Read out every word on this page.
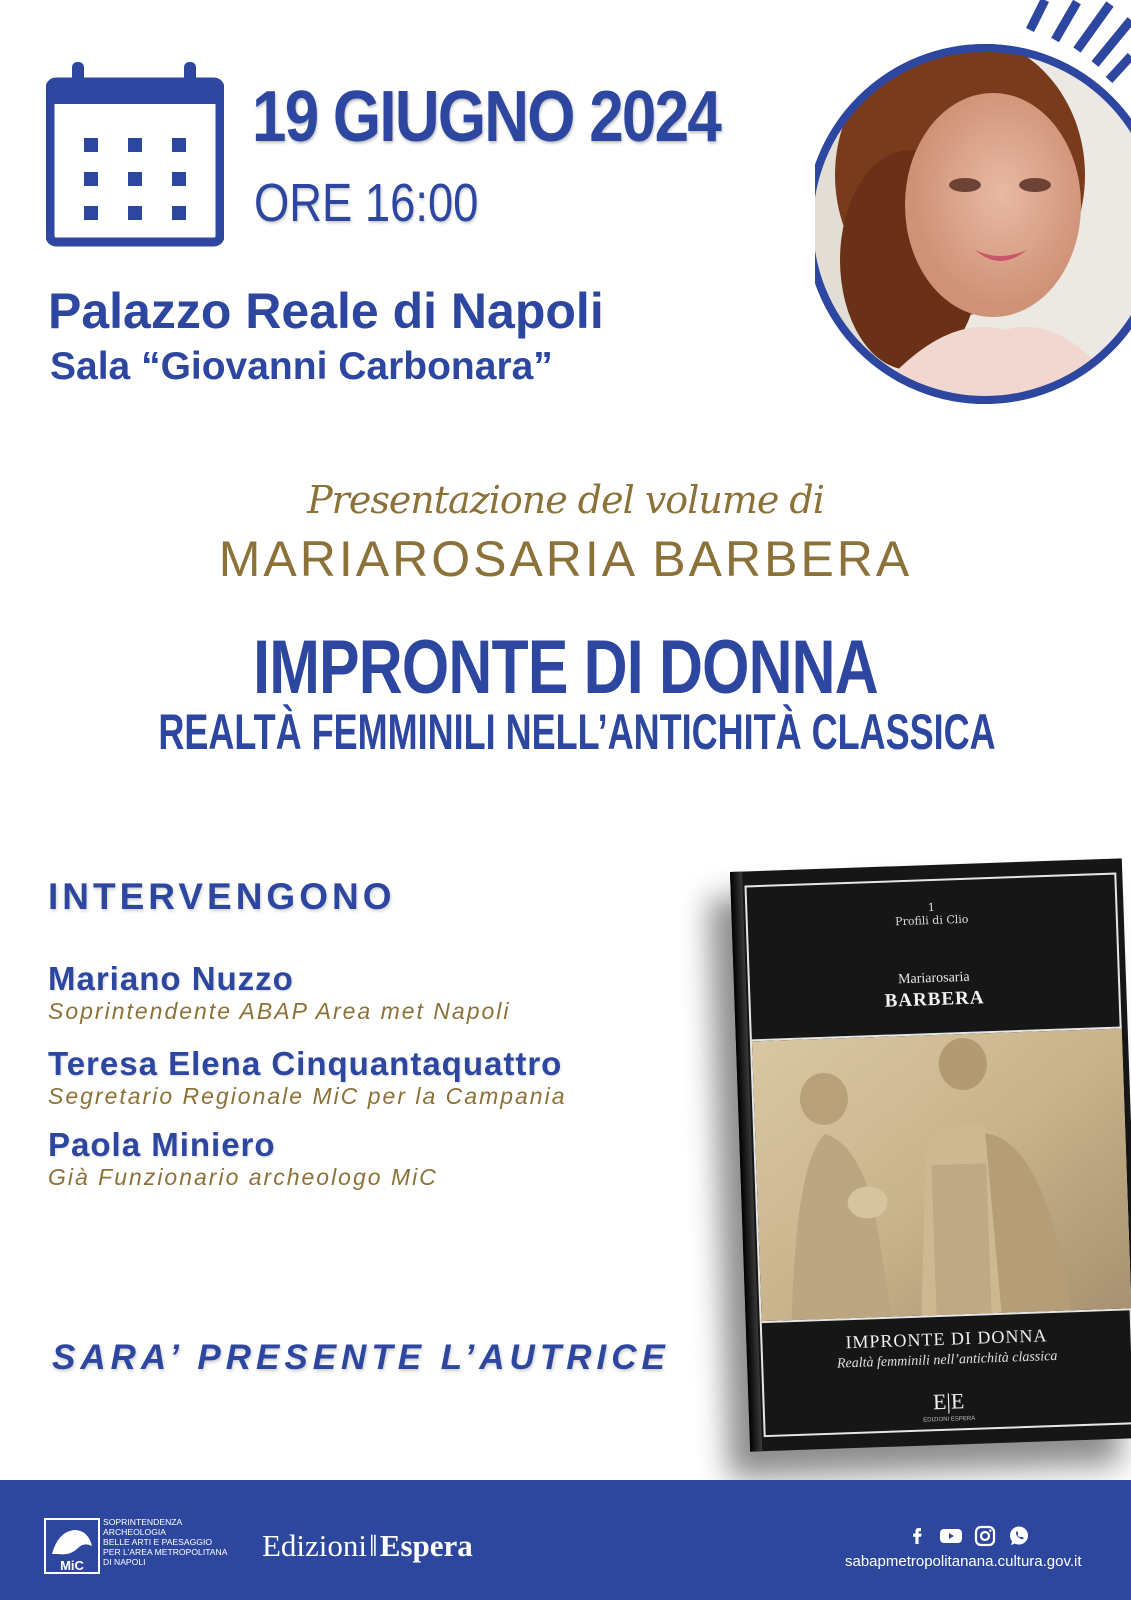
19 GIUGNO 2024
ORE 16:00
Palazzo Reale di Napoli
Sala “Giovanni Carbonara”
Presentazione del volume di
MARIAROSARIA BARBERA
IMPRONTE DI DONNA
REALTÀ FEMMINILI NELL’ANTICHITÀ CLASSICA
INTERVENGONO
Mariano Nuzzo
Soprintendente ABAP Area met Napoli
Teresa Elena Cinquantaquattro
Segretario Regionale MiC per la Campania
Paola Miniero
Già Funzionario archeologo MiC
SARA’ PRESENTE L’AUTRICE
1
Profili di Clio
Mariarosaria
BARBERA
IMPRONTE DI DONNA
Realtà femminili nell’antichità classica
E|E
EDIZIONI ESPERA
MiC
SOPRINTENDENZA
ARCHEOLOGIA
BELLE ARTI E PAESAGGIO
PER L’AREA METROPOLITANA
DI NAPOLI	Edizioni‖Espera	sabapmetropolitanana.cultura.gov.it
